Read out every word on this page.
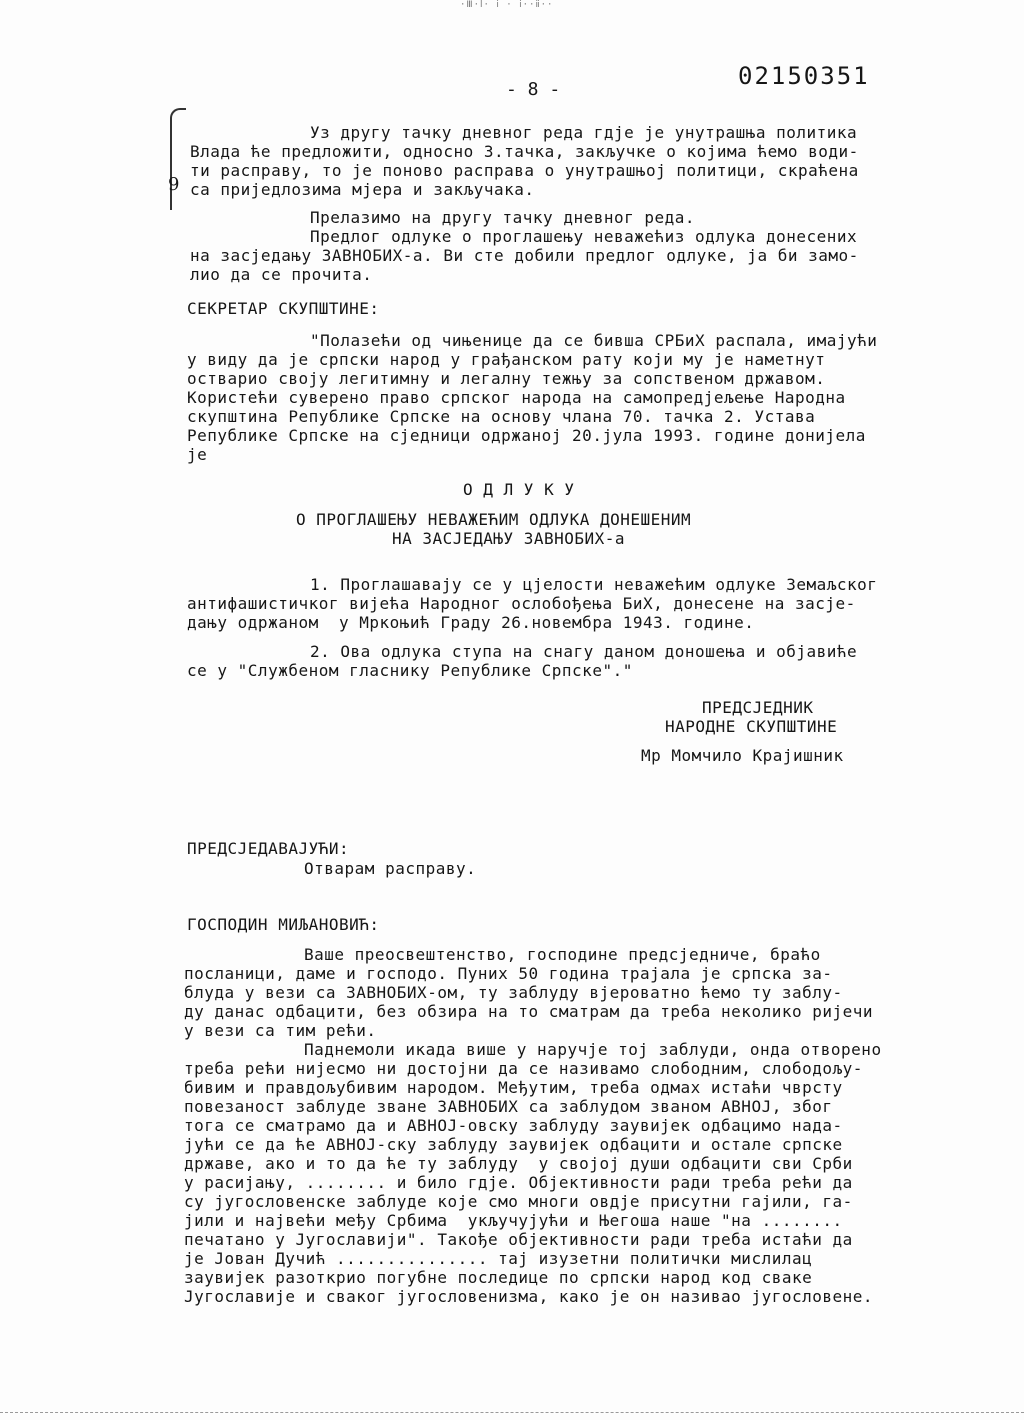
·Ⅲ·ⅼ· ⅰ · ⅰ··ⅱ··
- 8 -	02150351
9
Уз другу тачку дневног реда гдје је унутрашња политика
Влада ће предложити, односно 3.тачка, закључке о којима ћемо води-
ти расправу, то је поново расправа о унутрашњој политици, скраћена
са приједлозима мјера и закључака.
Прелазимо на другу тачку дневног реда.
Предлог одлуке о проглашењу неважећиз одлука донесених
на засједању ЗАВНОБИХ-а. Ви сте добили предлог одлуке, ја би замо-
лио да се прочита.
СЕКРЕТАР СКУПШТИНЕ:
"Полазећи од чињенице да се бивша СРБиХ распала, имајући
у виду да је српски народ у грађанском рату који му је наметнут
остварио своју легитимну и легалну тежњу за сопственом државом.
Користећи суверено право српског народа на самопредјељење Народна
скупштина Републике Српске на основу члана 70. тачка 2. Устава
Републике Српске на сједници одржаној 20.јула 1993. године донијела
је
О Д Л У К У
О ПРОГЛАШЕЊУ НЕВАЖЕЋИМ ОДЛУКА ДОНЕШЕНИМ
НА ЗАСЈЕДАЊУ ЗАВНОБИХ-а
1. Проглашавају се у цјелости неважећим одлуке Земаљског
антифашистичког вијећа Народног ослобођења БиХ, донесене на засје-
дању одржаном  у Мркоњић Граду 26.новембра 1943. године.
2. Ова одлука ступа на снагу даном доношења и објавиће
се у "Службеном гласнику Републике Српске"."
ПРЕДСЈЕДНИК
НАРОДНЕ СКУПШТИНЕ
Мр Момчило Крајишник
ПРЕДСЈЕДАВАЈУЋИ:
Отварам расправу.
ГОСПОДИН МИЉАНОВИЋ:
Ваше преосвештенство, господине предсједниче, браћо
посланици, даме и господо. Пуних 50 година трајала је српска за-
блуда у вези са ЗАВНОБИХ-ом, ту заблуду вјероватно ћемо ту заблу-
ду данас одбацити, без обзира на то сматрам да треба неколико ријечи
у вези са тим рећи.
Паднемоли икада више у наручје тој заблуди, онда отворено
треба рећи нијесмо ни достојни да се називамо слободним, слободољу-
бивим и правдољубивим народом. Међутим, треба одмах истаћи чврсту
повезаност заблуде зване ЗАВНОБИХ са заблудом званом АВНОЈ, због
тога се сматрамо да и АВНОЈ-овску заблуду заувијек одбацимо нада-
јући се да ће АВНОЈ-ску заблуду заувијек одбацити и остале српске
државе, ако и то да ће ту заблуду  у својој души одбацити сви Срби
у расијању, ........ и било гдје. Објективности ради треба рећи да
су југословенске заблуде које смо многи овдје присутни гајили, га-
јили и највећи међу Србима  укључујући и Његоша наше "на ........
печатано у Југославији". Такође објективности ради треба истаћи да
је Јован Дучић ............... тај изузетни политички мислилац
заувијек разоткрио погубне последице по српски народ код сваке
Југославије и сваког југословенизма, како је он називао југословене.
